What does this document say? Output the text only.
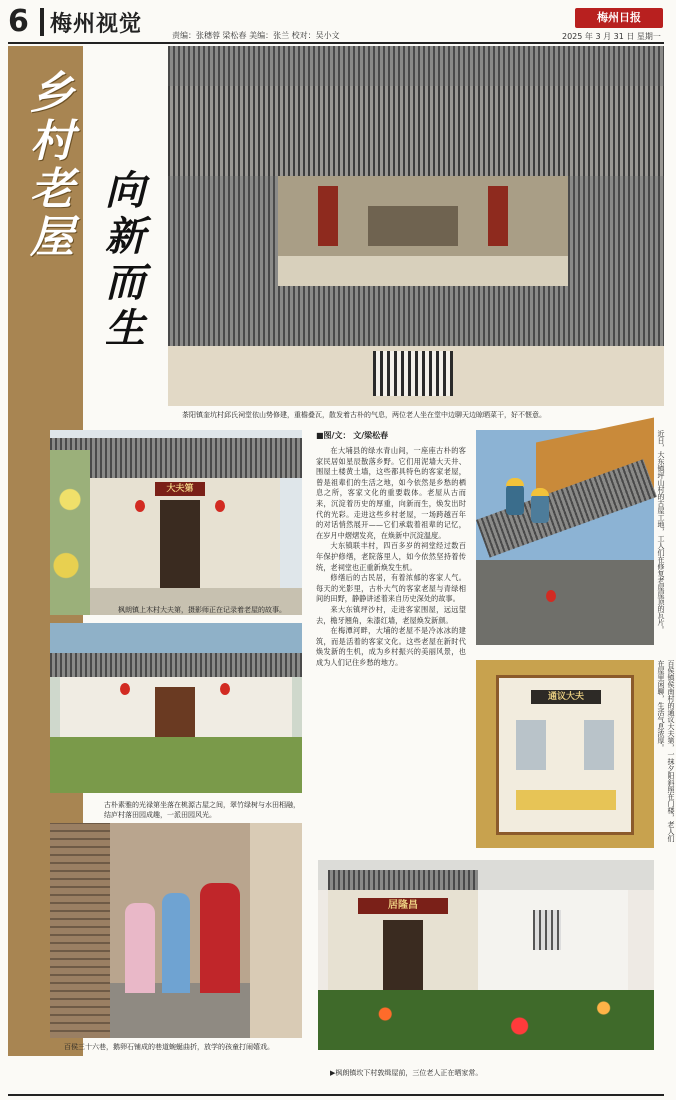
6 梅州视觉	责编：张穗蓉 梁松春 美编：张兰 校对：吴小文
梅州日报
2025 年 3 月 31 日 星期一
乡村老屋
向新而生
茶阳镇奎坑村邱氏祠堂依山势修建，重檐叠瓦，散发着古朴的气息，两位老人坐在堂中边聊天边晾晒菜干，好不惬意。
大夫第
枫朗镇上木村大夫第，摄影师正在记录着老屋的故事。
古朴素雅的光禄第坐落在桃源古屋之间，翠竹绿树与水田相融，结庐村落田园成趣，一派田园风光。
百侯三十六巷，鹅卵石铺成的巷道蜿蜒曲折，放学的孩童打闹嬉戏。
■图/文： 文/梁松春

在大埔县的绿水青山间，一座座古朴的客家民居如星辰散落乡野。它们用泥墙大天井、围屋土楼黄土墙，这些都具特色的客家老屋，曾是祖辈们的生活之地，如今依然是乡愁的栖息之所，客家文化的重要载体。老屋从古而来，沉淀着历史的厚重，向新而生，焕发出时代的光彩。走进这些乡村老屋，一场跨越百年的对话悄然展开——它们承载着祖辈的记忆，在岁月中熠熠发亮，在焕新中沉淀温度。

大东镇联丰村，四百多岁的祠堂经过数百年保护修缮，老院落里人，如今依然坚持着传统，老祠堂也正重新焕发生机。

修缮后的古民居，有着浓郁的客家人气。每天的光影里，古朴大气的客家老屋与青绿相间的田野，静静讲述着来自历史深处的故事。

来大东镇坪沙村，走进客家围屋，远远望去，檐牙翘角，朱漆红墙，老屋焕发新颜。

在梅潭河畔，大埔的老屋不是冷冰冰的建筑，而是活着的客家文化。这些老屋在新时代焕发新的生机，成为乡村振兴的美丽风景，也成为人们记住乡愁的地方。

近日，大东镇坪山村的古屋工地，工人们在修复老屋屋顶的瓦片。
通议大夫	百侯镇侯南村的通议大夫第，一抹夕阳斜照在门楼，老人们在屋里闲聊，生活气息浓厚。
居隆昌
▶枫朗镇坎下村敦缉屋前，三位老人正在晒家常。
